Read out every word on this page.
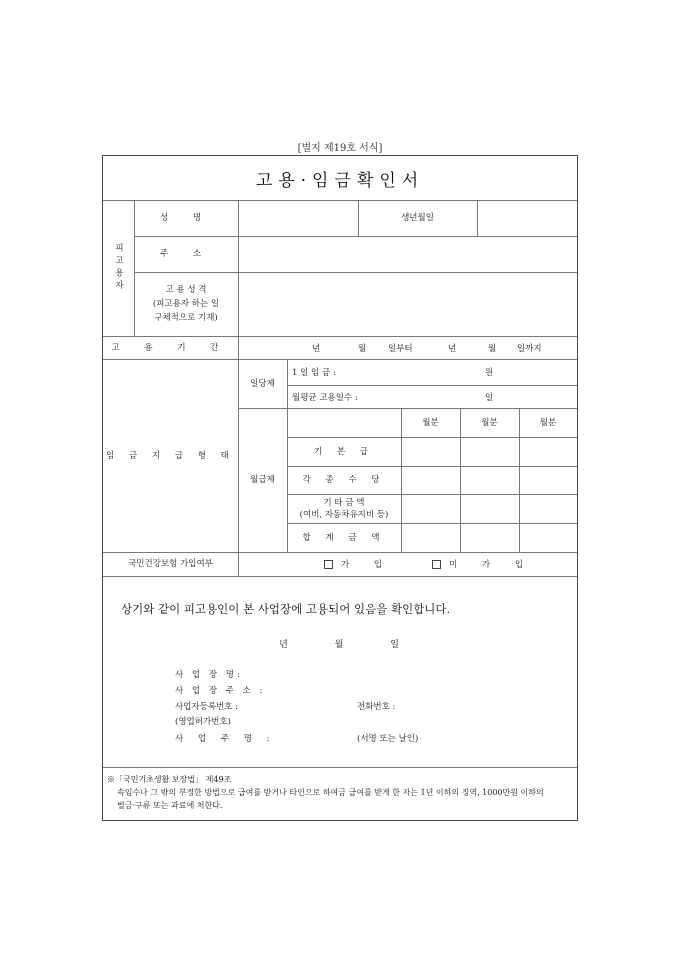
[별지 제19호 서식]
고용·임금확인서
피고용자
성 명	생년월일
주 소
고 용 성 격
(피고용자 하는 일
구체적으로 기재)
고 용 기 간	년	월	일부터	년	월 일까지
임 금 지 급 형 태
일당제
1 일 임 금 :	원
월평균 고용일수 :	일
월급제
월분	월분	월분
기 본 급
각 종 수 당
기 타 금 액
(여비, 자동차유지비 등)
합 계 금 액
국민건강보험 가입여부	가 입	미 가 입
상기와 같이 피고용인이 본 사업장에 고용되어 있음을 확인합니다.
년	월	일
사 업 장 명:
사 업 장 주 소 :
사업자등록번호 :	전화번호 :
(영업허가번호)
사 업 주 명 :	(서명 또는 날인)
※「국민기초생활 보장법」 제49조
속임수나 그 밖의 부정한 방법으로 급여를 받거나 타인으로 하여금 급여를 받게 한 자는 1년 이하의 징역, 1000만원 이하의
벌금·구류 또는 과료에 처한다.
